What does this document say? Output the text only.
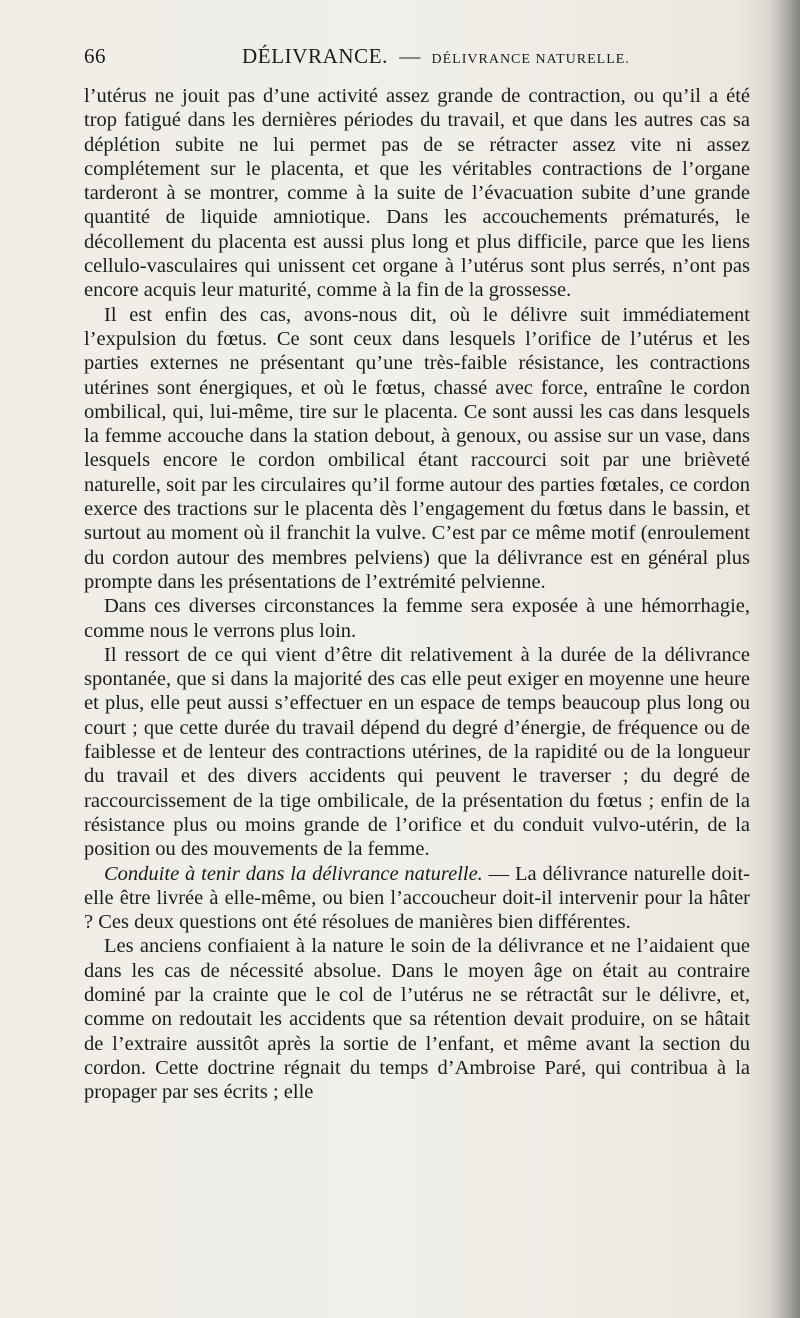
66	DÉLIVRANCE. — DÉLIVRANCE NATURELLE.

l’utérus ne jouit pas d’une activité assez grande de contraction, ou qu’il a été trop fatigué dans les dernières périodes du travail, et que dans les autres cas sa déplétion subite ne lui permet pas de se rétracter assez vite ni assez complétement sur le placenta, et que les véritables contractions de l’organe tarderont à se montrer, comme à la suite de l’évacuation subite d’une grande quantité de liquide amniotique. Dans les accouchements prématurés, le décollement du placenta est aussi plus long et plus difficile, parce que les liens cellulo-vasculaires qui unissent cet organe à l’utérus sont plus serrés, n’ont pas encore acquis leur maturité, comme à la fin de la grossesse.

Il est enfin des cas, avons-nous dit, où le délivre suit immédiatement l’expulsion du fœtus. Ce sont ceux dans lesquels l’orifice de l’utérus et les parties externes ne présentant qu’une très-faible résistance, les contractions utérines sont énergiques, et où le fœtus, chassé avec force, entraîne le cordon ombilical, qui, lui-même, tire sur le placenta. Ce sont aussi les cas dans lesquels la femme accouche dans la station debout, à genoux, ou assise sur un vase, dans lesquels encore le cordon ombilical étant raccourci soit par une brièveté naturelle, soit par les circulaires qu’il forme autour des parties fœtales, ce cordon exerce des tractions sur le placenta dès l’engagement du fœtus dans le bassin, et surtout au moment où il franchit la vulve. C’est par ce même motif (enroulement du cordon autour des membres pelviens) que la délivrance est en général plus prompte dans les présentations de l’extrémité pelvienne.

Dans ces diverses circonstances la femme sera exposée à une hémorrhagie, comme nous le verrons plus loin.

Il ressort de ce qui vient d’être dit relativement à la durée de la délivrance spontanée, que si dans la majorité des cas elle peut exiger en moyenne une heure et plus, elle peut aussi s’effectuer en un espace de temps beaucoup plus long ou court ; que cette durée du travail dépend du degré d’énergie, de fréquence ou de faiblesse et de lenteur des contractions utérines, de la rapidité ou de la longueur du travail et des divers accidents qui peuvent le traverser ; du degré de raccourcissement de la tige ombilicale, de la présentation du fœtus ; enfin de la résistance plus ou moins grande de l’orifice et du conduit vulvo-utérin, de la position ou des mouvements de la femme.

Conduite à tenir dans la délivrance naturelle. — La délivrance naturelle doit-elle être livrée à elle-même, ou bien l’accoucheur doit-il intervenir pour la hâter ? Ces deux questions ont été résolues de manières bien différentes.

Les anciens confiaient à la nature le soin de la délivrance et ne l’aidaient que dans les cas de nécessité absolue. Dans le moyen âge on était au contraire dominé par la crainte que le col de l’utérus ne se rétractât sur le délivre, et, comme on redoutait les accidents que sa rétention devait produire, on se hâtait de l’extraire aussitôt après la sortie de l’enfant, et même avant la section du cordon. Cette doctrine régnait du temps d’Ambroise Paré, qui contribua à la propager par ses écrits ; elle
